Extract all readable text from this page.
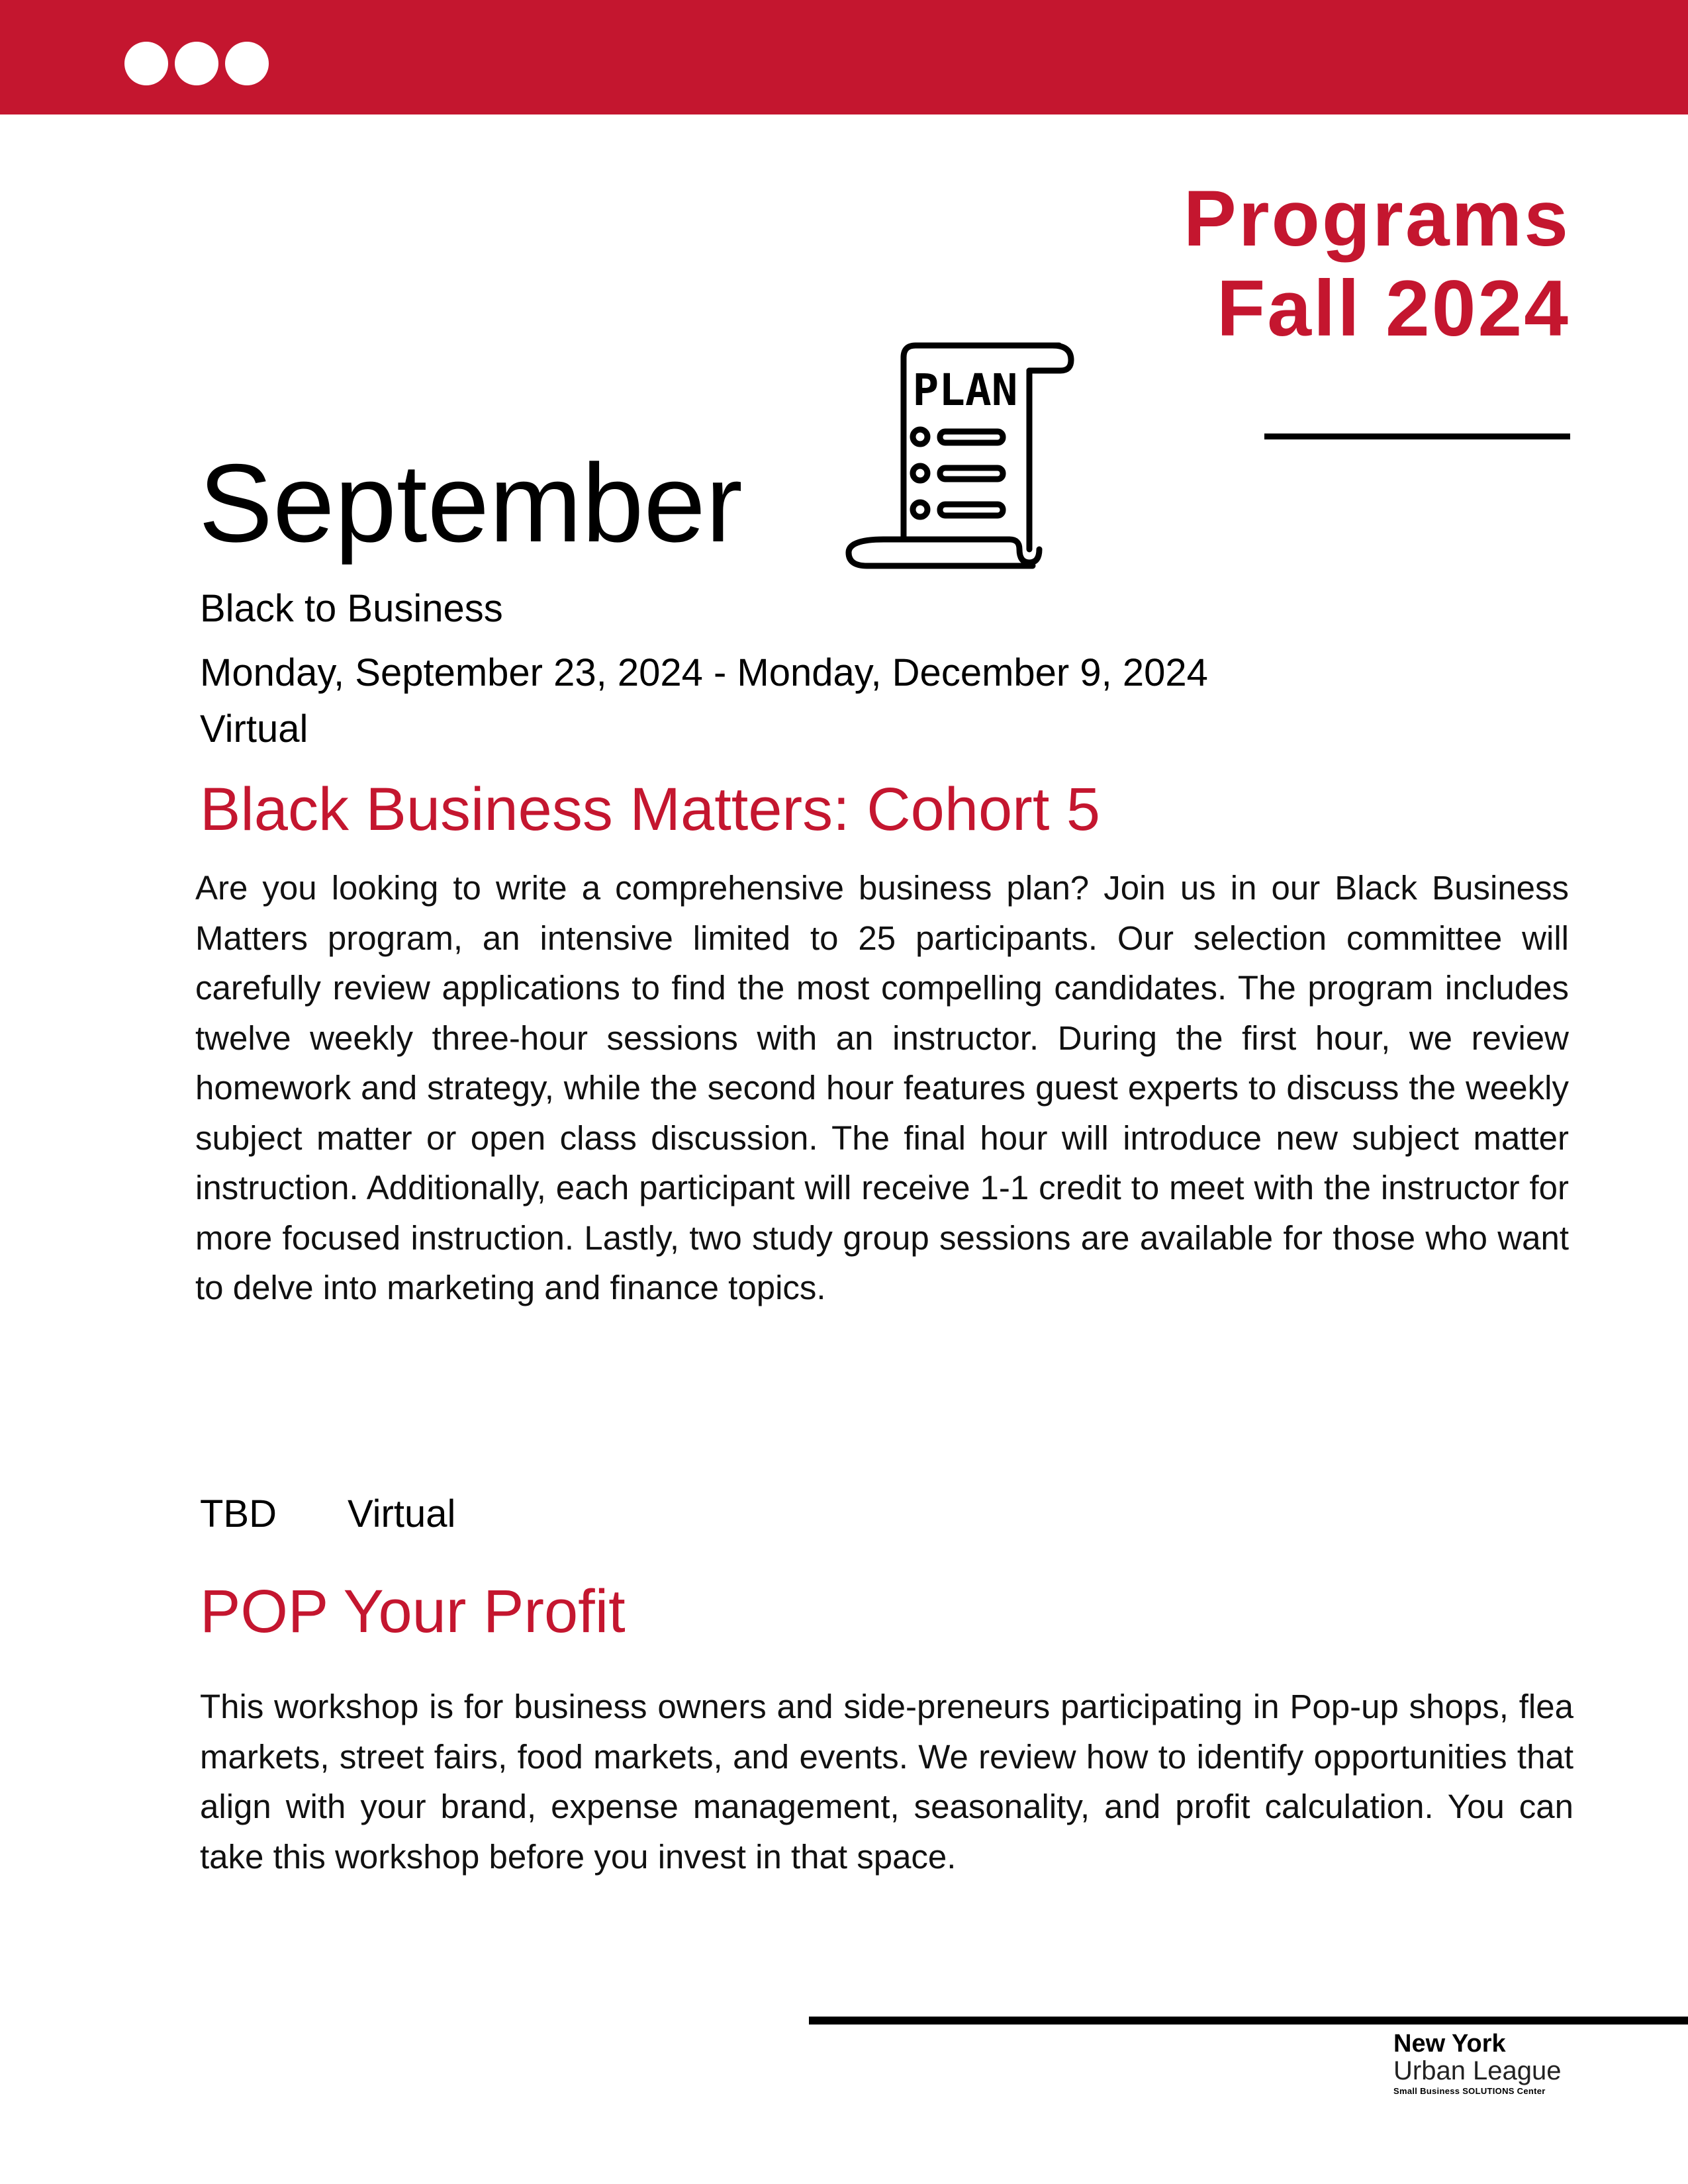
Programs
Fall 2024
September
PLAN
Black to Business
Monday, September 23, 2024 - Monday, December 9, 2024
Virtual
Black Business Matters: Cohort 5
Are you looking to write a comprehensive business plan? Join us in our Black Business Matters program, an intensive limited to 25 participants. Our selection committee will carefully review applications to find the most compelling candidates. The program includes twelve weekly three-hour sessions with an instructor. During the first hour, we review homework and strategy, while the second hour features guest experts to discuss the weekly subject matter or open class discussion. The final hour will introduce new subject matter instruction. Additionally, each participant will receive 1-1 credit to meet with the instructor for more focused instruction. Lastly, two study group sessions are available for those who want to delve into marketing and finance topics.
TBD Virtual
POP Your Profit
This workshop is for business owners and side-preneurs participating in Pop-up shops, flea markets, street fairs, food markets, and events. We review how to identify opportunities that align with your brand, expense management, seasonality, and profit calculation. You can take this workshop before you invest in that space.
New York
Urban League
Small Business SOLUTIONS Center
